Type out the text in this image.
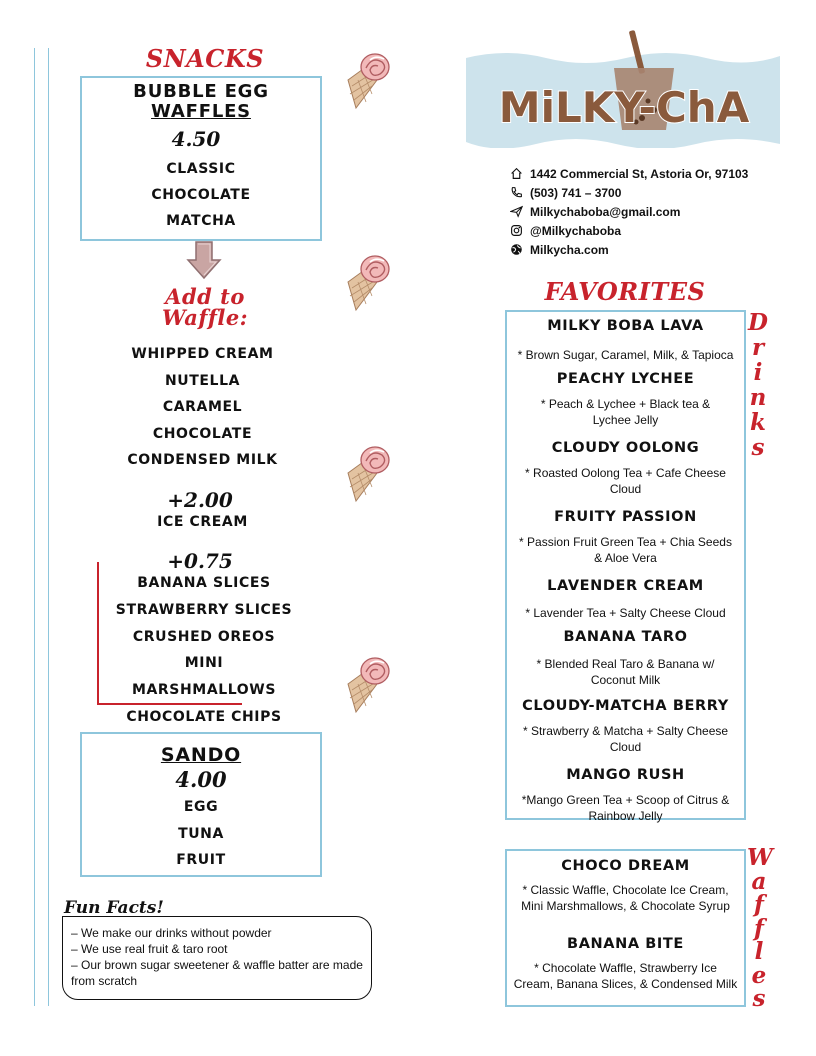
SNACKS
BUBBLE EGG
WAFFLES
4.50
CLASSIC
CHOCOLATE
MATCHA
Add to
Waffle:
WHIPPED CREAM
NUTELLA
CARAMEL
CHOCOLATE
CONDENSED MILK
+2.00
ICE CREAM
+0.75
BANANA SLICES
STRAWBERRY SLICES
CRUSHED OREOS
MINI MARSHMALLOWS
CHOCOLATE CHIPS
SANDO
4.00
EGG
TUNA
FRUIT
Fun Facts!
– We make our drinks without powder
– We use real fruit & taro root
– Our brown sugar sweetener & waffle batter are made from scratch
MiLKY-ChA
1442 Commercial St, Astoria Or, 97103
(503) 741 – 3700
Milkychaboba@gmail.com
@Milkychaboba
Milkycha.com
FAVORITES
MILKY BOBA LAVA
* Brown Sugar, Caramel, Milk, & Tapioca
PEACHY LYCHEE
* Peach & Lychee + Black tea & Lychee Jelly
CLOUDY OOLONG
* Roasted Oolong Tea + Cafe Cheese Cloud
FRUITY PASSION
* Passion Fruit Green Tea + Chia Seeds & Aloe Vera
LAVENDER CREAM
* Lavender Tea + Salty Cheese Cloud
BANANA TARO
* Blended Real Taro & Banana w/ Coconut Milk
CLOUDY-MATCHA BERRY
* Strawberry & Matcha + Salty Cheese Cloud
MANGO RUSH
*Mango Green Tea + Scoop of Citrus & Rainbow Jelly
D
r
i
n
k
s
CHOCO DREAM
* Classic Waffle, Chocolate Ice Cream, Mini Marshmallows, & Chocolate Syrup
BANANA BITE
* Chocolate Waffle, Strawberry Ice Cream, Banana Slices, & Condensed Milk
W
a
f
f
l
e
s
